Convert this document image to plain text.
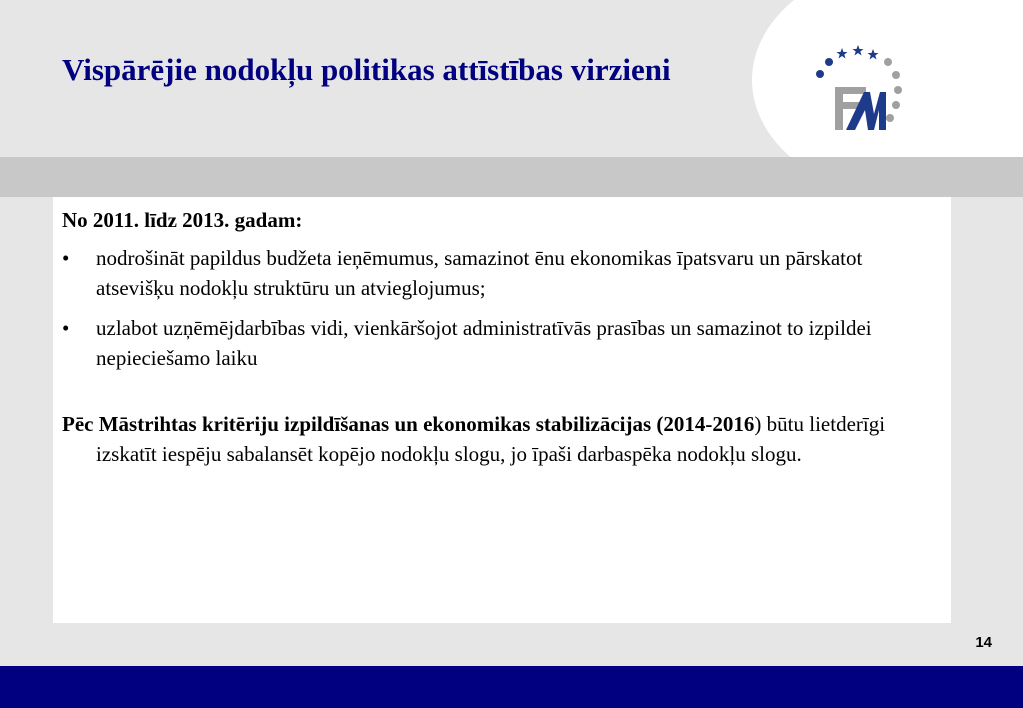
Vispārējie nodokļu politikas attīstības virzieni

No 2011. līdz 2013. gadam:

• nodrošināt papildus budžeta ieņēmumus, samazinot ēnu ekonomikas īpatsvaru un pārskatot atsevišķu nodokļu struktūru un atvieglojumus;
• uzlabot uzņēmējdarbības vidi, vienkāršojot administratīvās prasības un samazinot to izpildei nepieciešamo laiku

Pēc Māstrihtas kritēriju izpildīšanas un ekonomikas stabilizācijas (2014-2016) būtu lietderīgi izskatīt iespēju sabalansēt kopējo nodokļu slogu, jo īpaši darbaspēka nodokļu slogu.

14
